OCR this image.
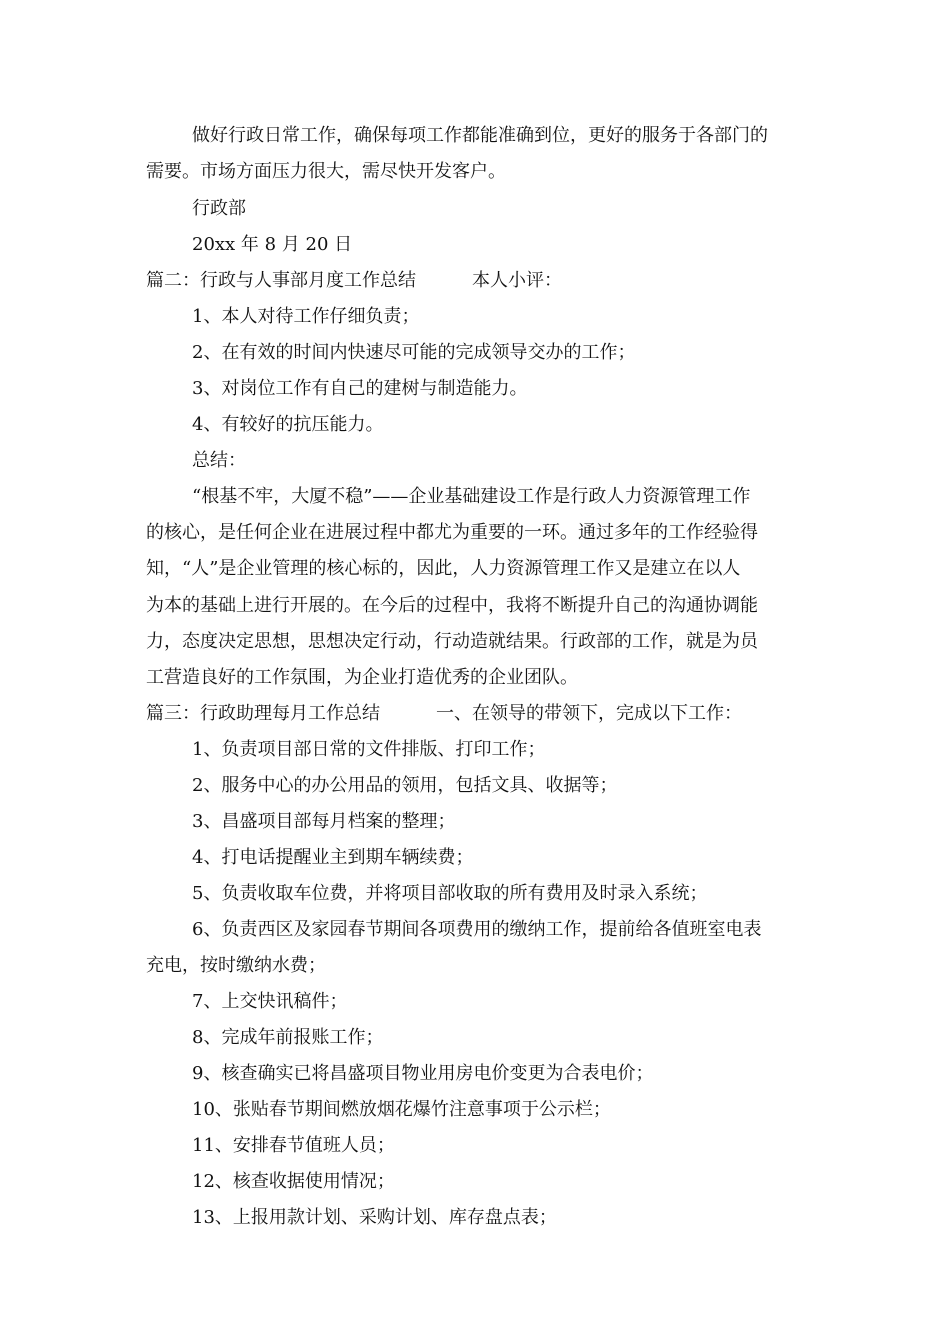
做好行政日常工作，确保每项工作都能准确到位，更好的服务于各部门的
需要。市场方面压力很大，需尽快开发客户。
行政部
20xx 年 8 月 20 日
篇二：行政与人事部月度工作总结	本人小评：
1、本人对待工作仔细负责；
2、在有效的时间内快速尽可能的完成领导交办的工作；
3、对岗位工作有自己的建树与制造能力。
4、有较好的抗压能力。
总结：
“根基不牢，大厦不稳”——企业基础建设工作是行政人力资源管理工作
的核心，是任何企业在进展过程中都尤为重要的一环。通过多年的工作经验得
知，“人”是企业管理的核心标的，因此，人力资源管理工作又是建立在以人
为本的基础上进行开展的。在今后的过程中，我将不断提升自己的沟通协调能
力，态度决定思想，思想决定行动，行动造就结果。行政部的工作，就是为员
工营造良好的工作氛围，为企业打造优秀的企业团队。
篇三：行政助理每月工作总结	一、在领导的带领下，完成以下工作：
1、负责项目部日常的文件排版、打印工作；
2、服务中心的办公用品的领用，包括文具、收据等；
3、昌盛项目部每月档案的整理；
4、打电话提醒业主到期车辆续费；
5、负责收取车位费，并将项目部收取的所有费用及时录入系统；
6、负责西区及家园春节期间各项费用的缴纳工作，提前给各值班室电表
充电，按时缴纳水费；
7、上交快讯稿件；
8、完成年前报账工作；
9、核查确实已将昌盛项目物业用房电价变更为合表电价；
10、张贴春节期间燃放烟花爆竹注意事项于公示栏；
11、安排春节值班人员；
12、核查收据使用情况；
13、上报用款计划、采购计划、库存盘点表；
